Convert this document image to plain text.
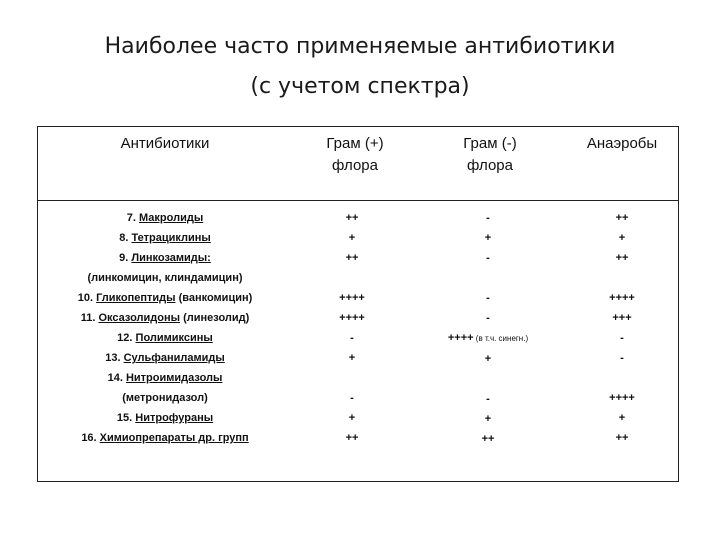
Наиболее часто применяемые антибиотики
(с учетом спектра)
Антибиотики	Грам (+)
флора
Грам (-)
флора
Анаэробы
7. Макролиды
8. Тетрациклины
9. Линкозамиды:
(линкомицин, клиндамицин)
10. Гликопептиды (ванкомицин)
11. Оксазолидоны (линезолид)
12. Полимиксины
13. Сульфаниламиды
14. Нитроимидазолы
(метронидазол)
15. Нитрофураны
16. Химиопрепараты др. групп
++
+
++
++++
++++
-
+
-
+
++
-
+
-
-
-
++++ (в т.ч. синегн.)
+
-
+
++
++
+
++
++++
+++
-
-
++++
+
++
